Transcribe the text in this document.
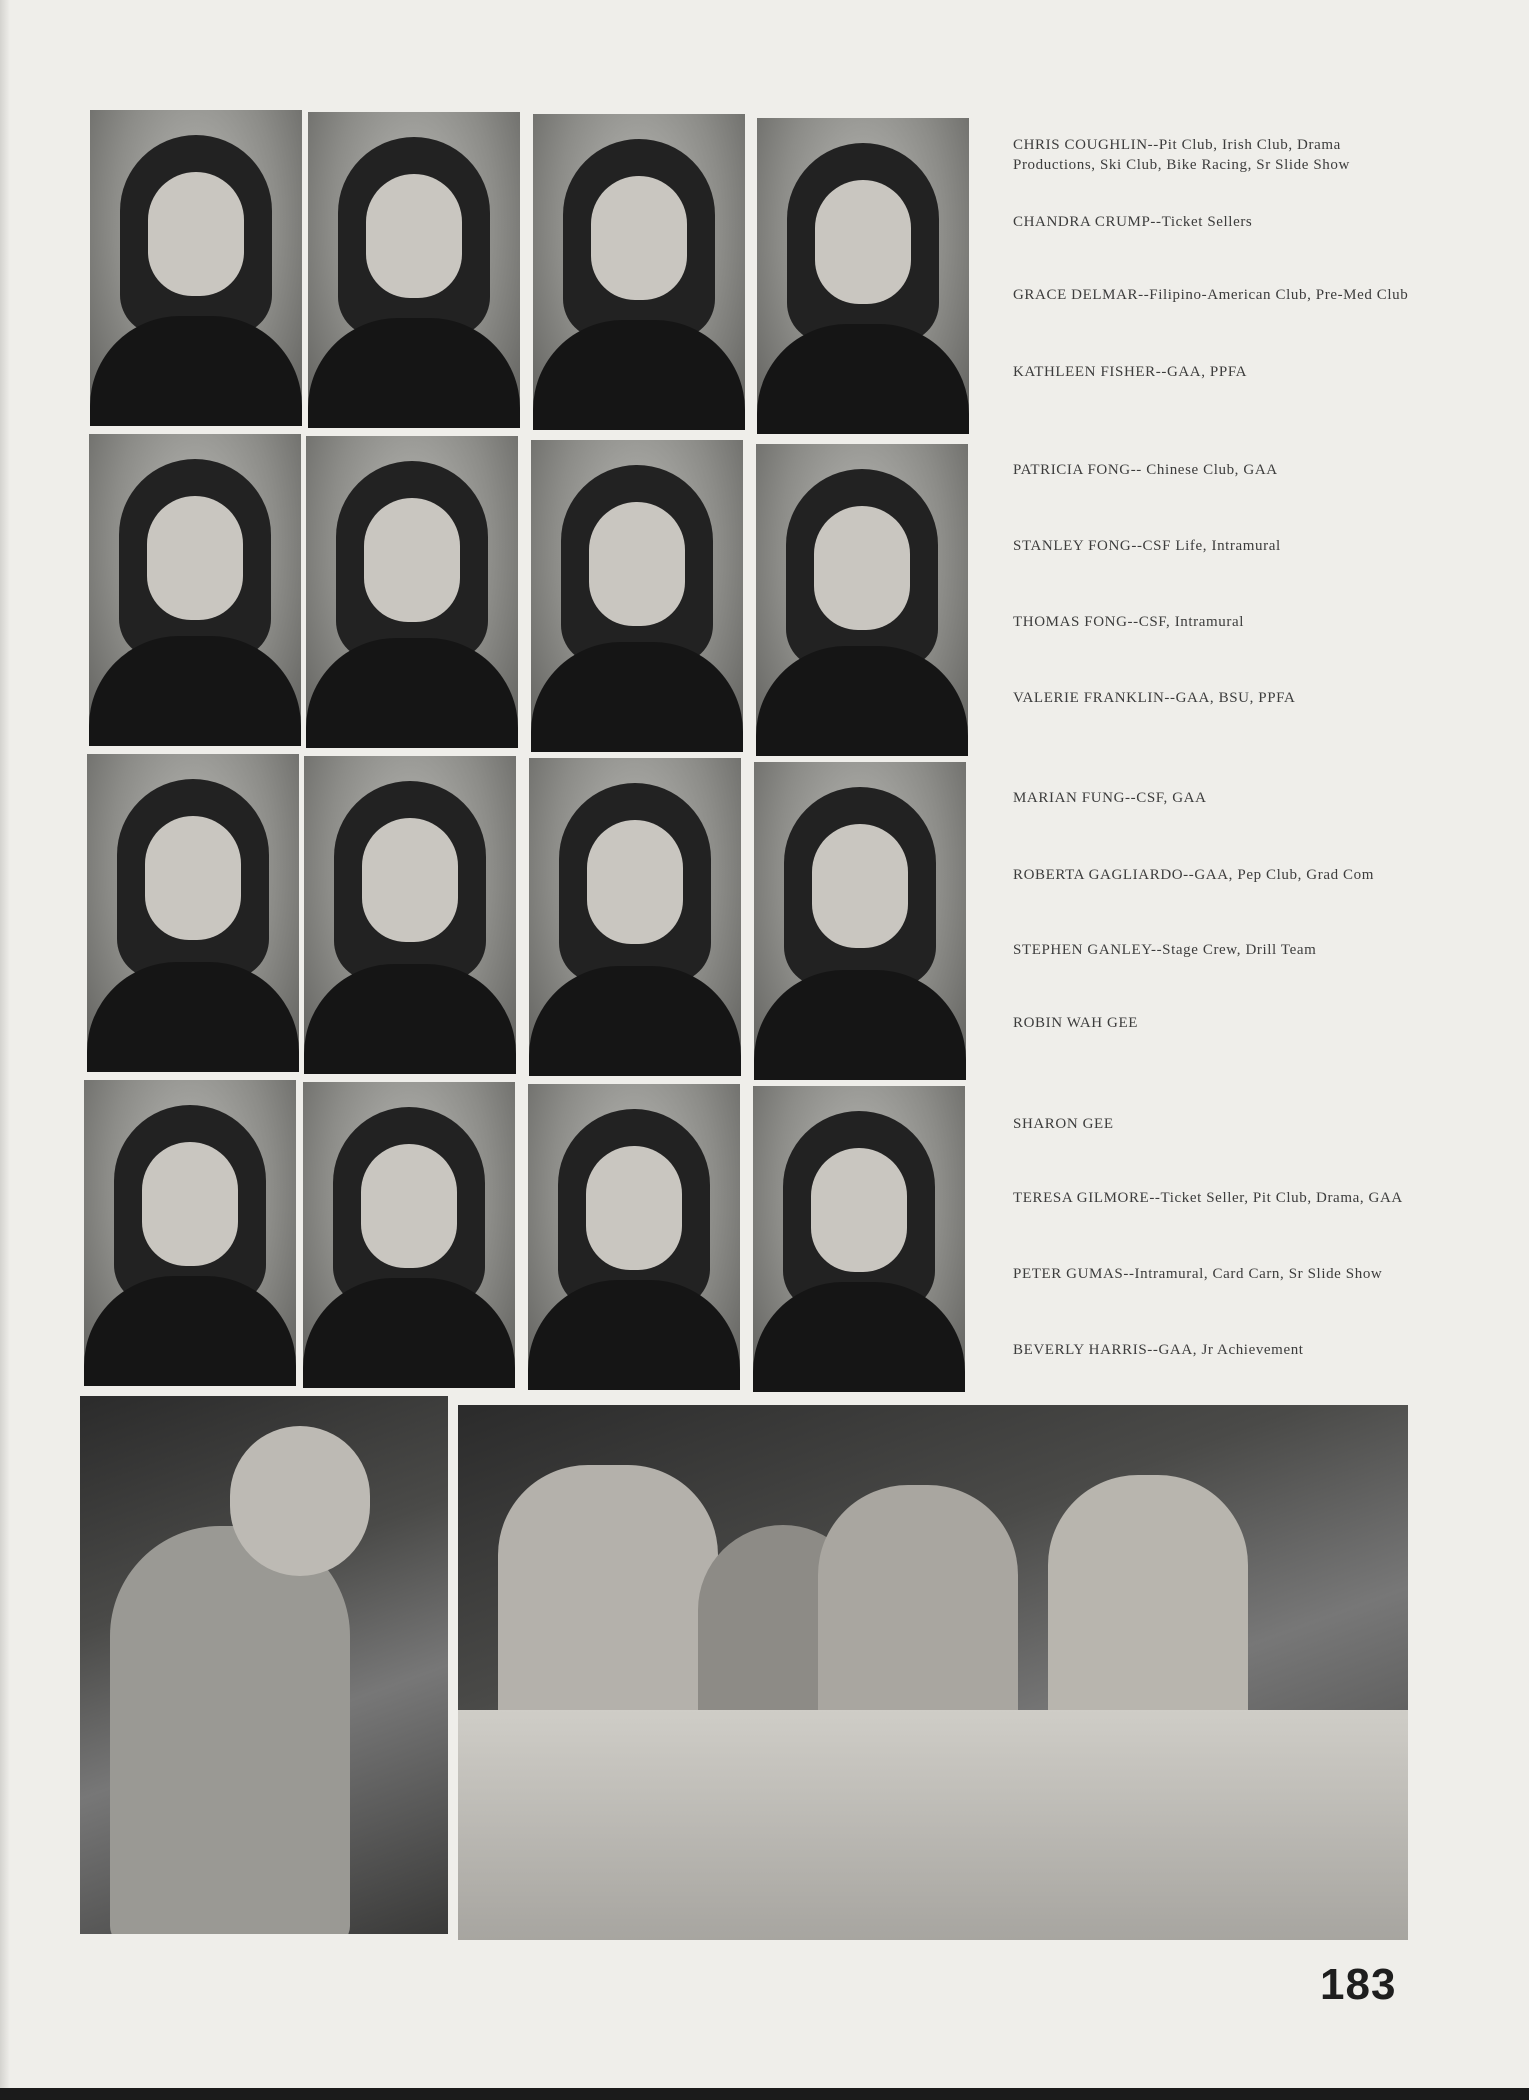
CHRIS COUGHLIN--Pit Club, Irish Club, Drama Productions, Ski Club, Bike Racing, Sr Slide Show
CHANDRA CRUMP--Ticket Sellers
GRACE DELMAR--Filipino-American Club, Pre-Med Club
KATHLEEN FISHER--GAA, PPFA
PATRICIA FONG-- Chinese Club, GAA
STANLEY FONG--CSF Life, Intramural
THOMAS FONG--CSF, Intramural
VALERIE FRANKLIN--GAA, BSU, PPFA
MARIAN FUNG--CSF, GAA
ROBERTA GAGLIARDO--GAA, Pep Club, Grad Com
STEPHEN GANLEY--Stage Crew, Drill Team
ROBIN WAH GEE
SHARON GEE
TERESA GILMORE--Ticket Seller, Pit Club, Drama, GAA
PETER GUMAS--Intramural, Card Carn, Sr Slide Show
BEVERLY HARRIS--GAA, Jr Achievement
183
